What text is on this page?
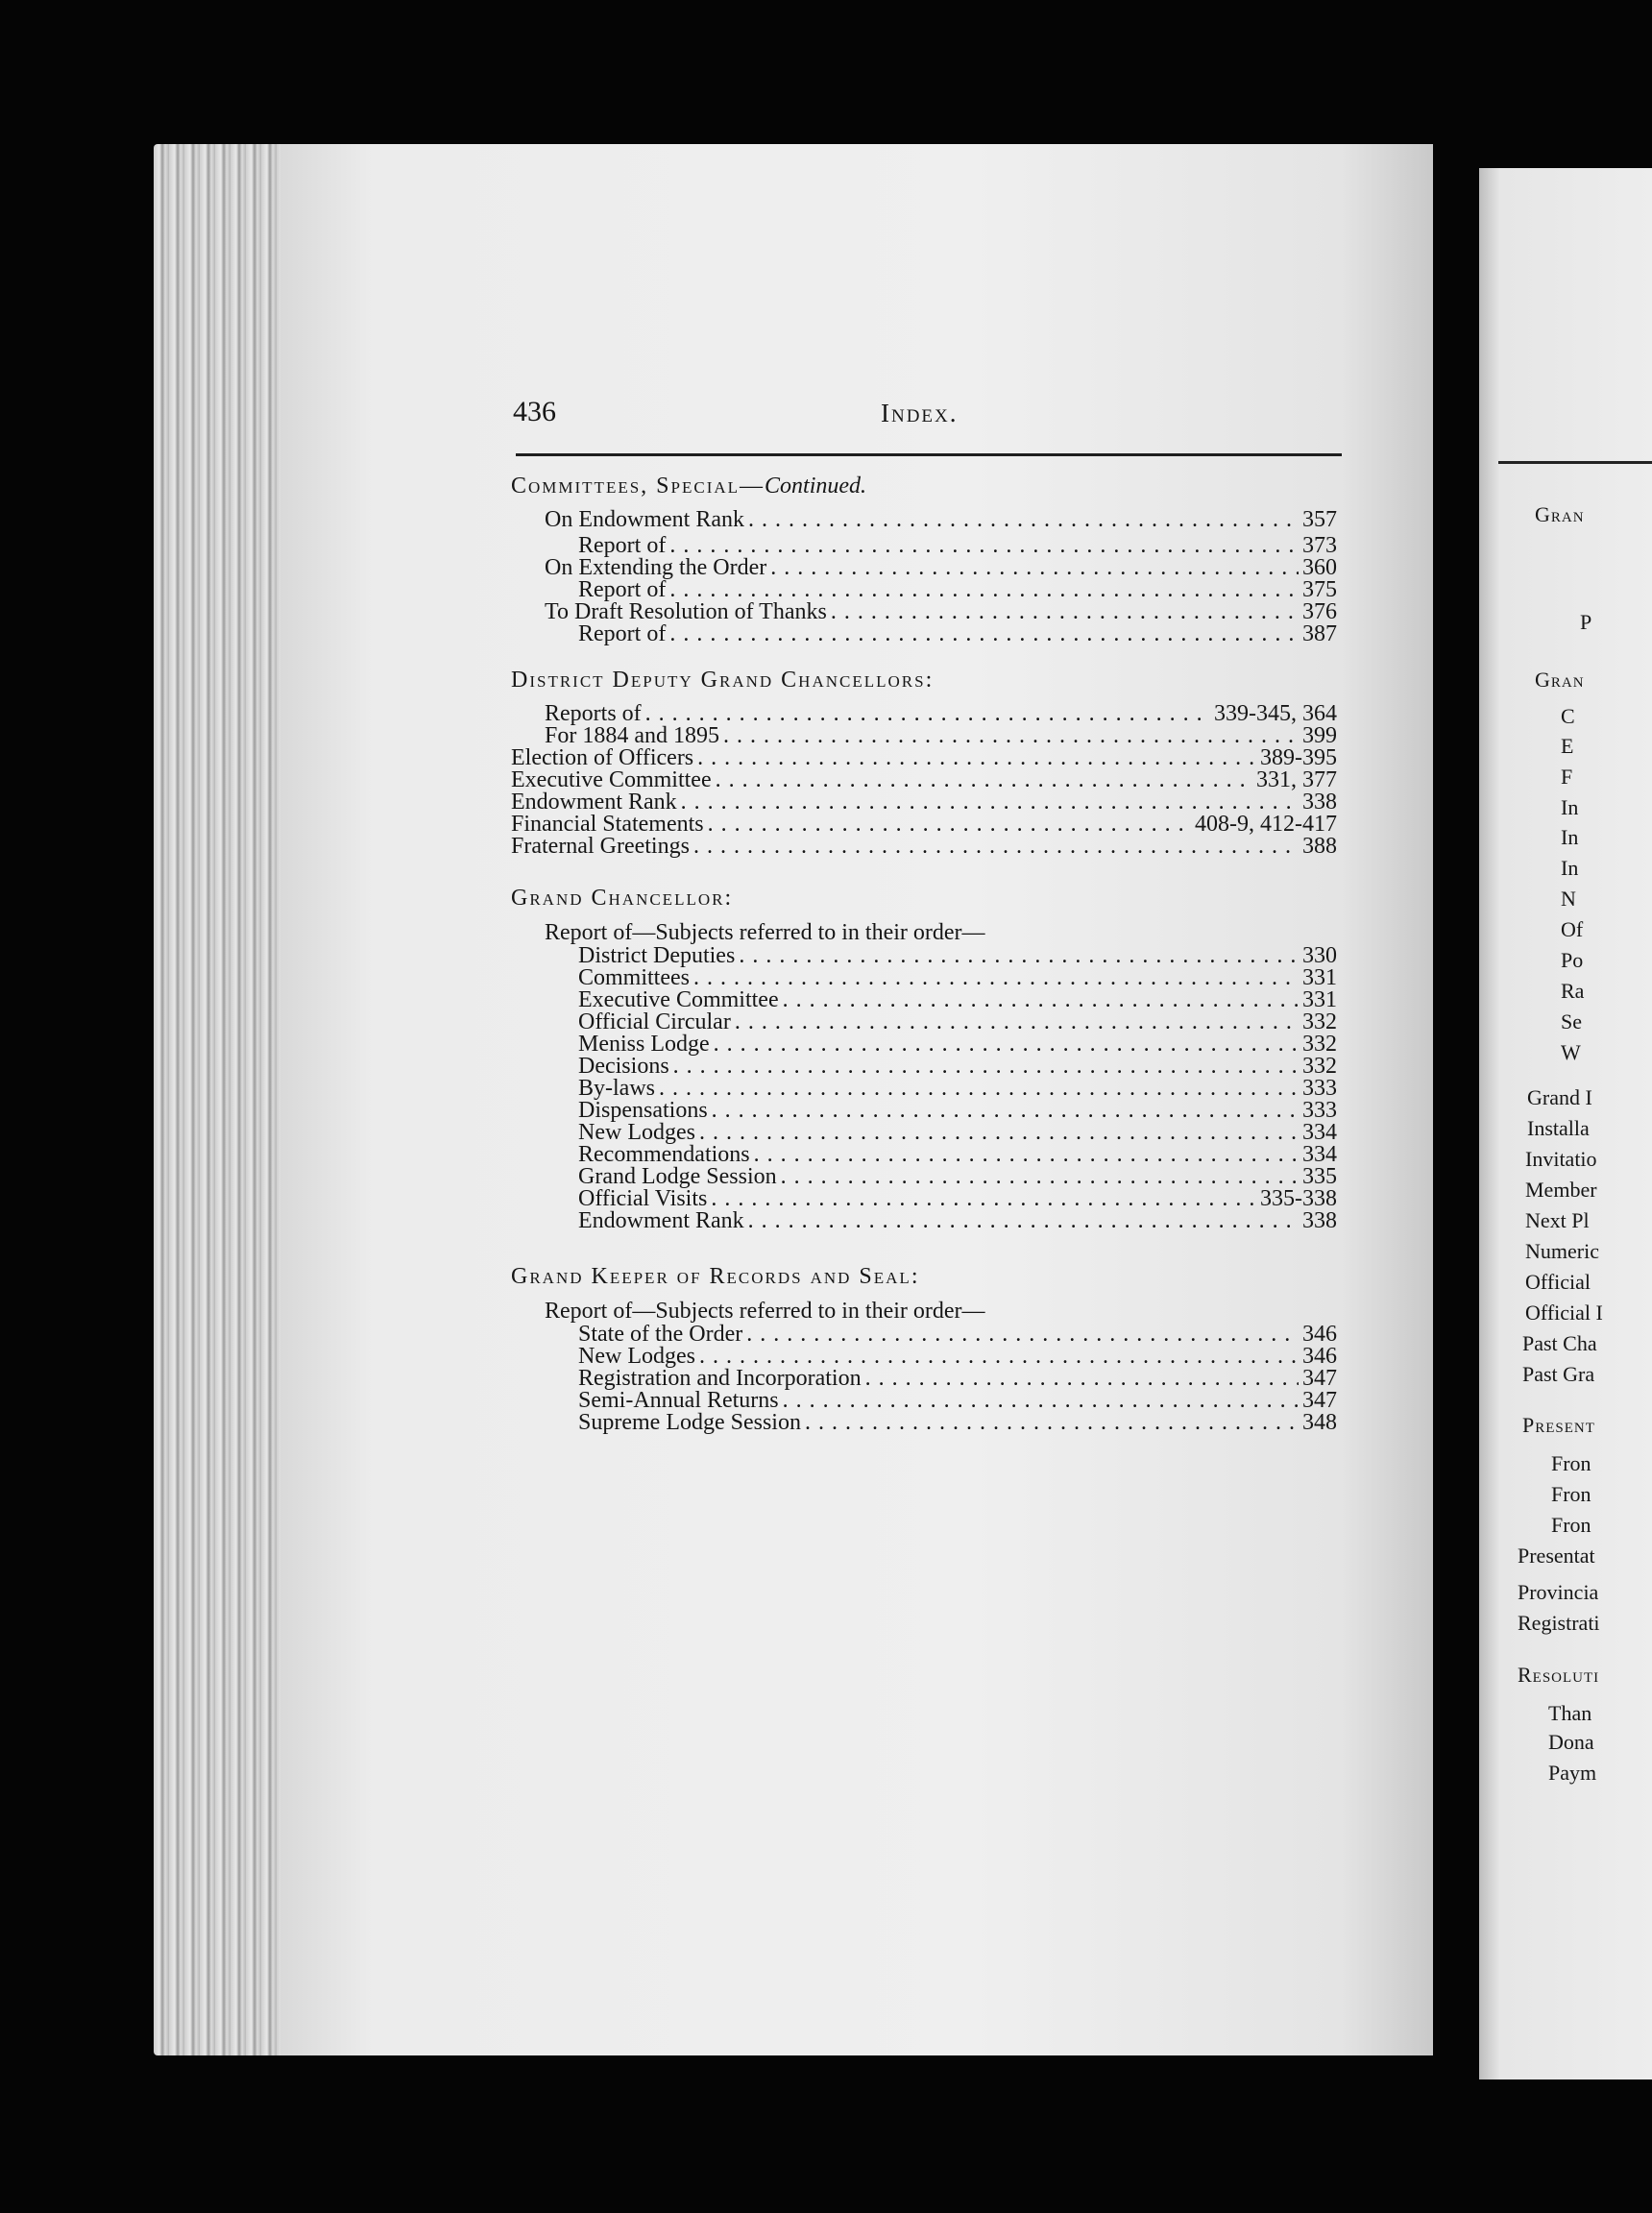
436	Index.
Committees, Special—Continued.
On Endowment Rank . . .	357
Report of . . .	373
On Extending the Order . . .	360
Report of . . .	375
To Draft Resolution of Thanks . . .	376
Report of . . .	387
District Deputy Grand Chancellors:
Reports of . . .	339-345, 364
For 1884 and 1895 . . .	399
Election of Officers . . .	389-395
Executive Committee . . .	331, 377
Endowment Rank . . .	338
Financial Statements . . .	408-9, 412-417
Fraternal Greetings . . .	388
Grand Chancellor:
Report of—Subjects referred to in their order—
District Deputies . . .	330
Committees . . .	331
Executive Committee . . .	331
Official Circular . . .	332
Meniss Lodge . . .	332
Decisions . . .	332
By-laws . . .	333
Dispensations . . .	333
New Lodges . . .	334
Recommendations . . .	334
Grand Lodge Session . . .	335
Official Visits . . .	335-338
Endowment Rank . . .	338
Grand Keeper of Records and Seal:
Report of—Subjects referred to in their order—
State of the Order . . .	346
New Lodges . . .	346
Registration and Incorporation . . .	347
Semi-Annual Returns . . .	347
Supreme Lodge Session . . .	348
Gran
P
Gran
C
E
F
In
In
In
N
Of
Po
Ra
Se
W
Grand I
Installa
Invitatio
Member
Next Pl
Numeric
Official
Official I
Past Cha
Past Gra
Present
Fron
Fron
Fron
Presentat
Provincia
Registrati
Resoluti
Than
Dona
Paym
